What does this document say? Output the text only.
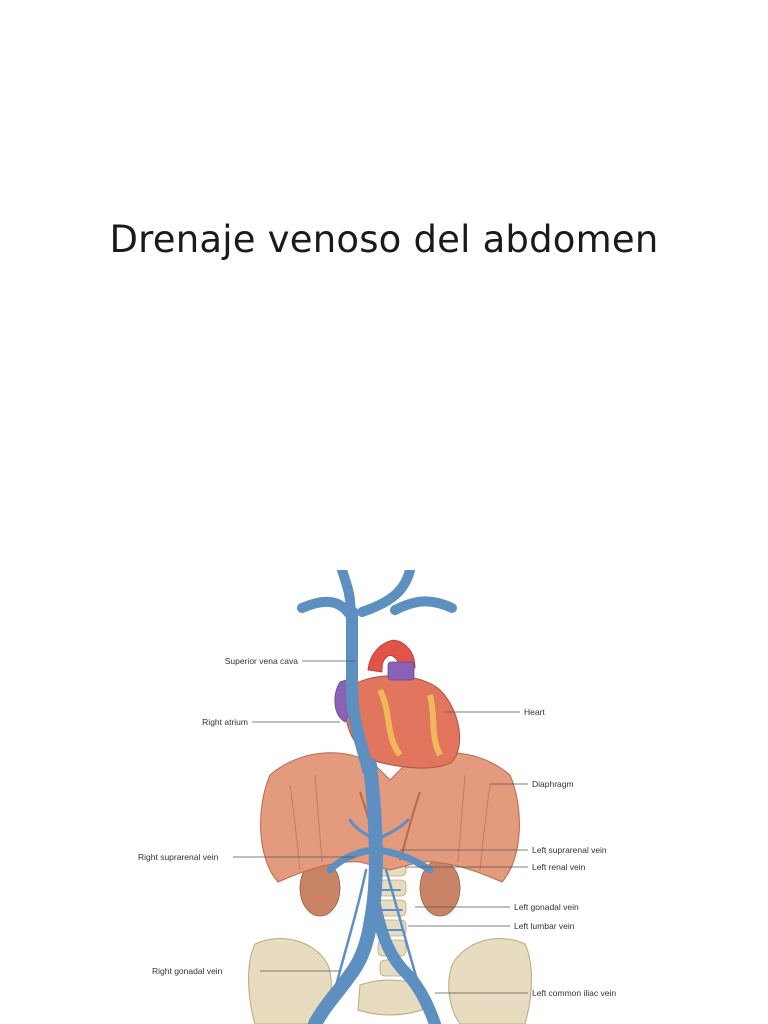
Drenaje venoso del abdomen
Superior vena cava
Right atrium
Heart
Diaphragm
Right suprarenal vein
Left suprarenal vein
Left renal vein
Left gonadal vein
Left lumbar vein
Right gonadal vein
Left common iliac vein
